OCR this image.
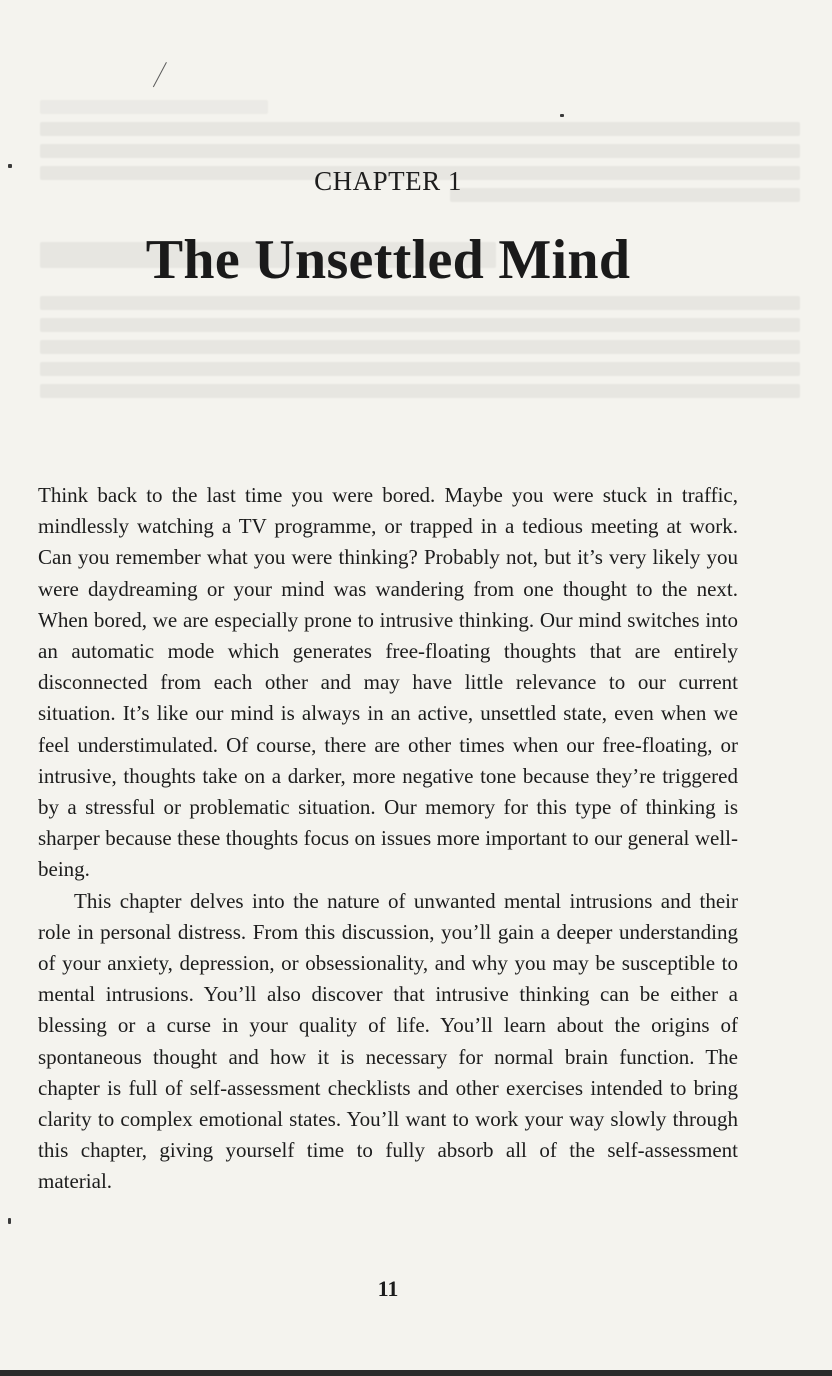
CHAPTER 1
The Unsettled Mind

Think back to the last time you were bored. Maybe you were stuck in traffic, mindlessly watching a TV programme, or trapped in a tedious meeting at work. Can you remember what you were thinking? Probably not, but it’s very likely you were daydreaming or your mind was wandering from one thought to the next. When bored, we are especially prone to intrusive thinking. Our mind switches into an automatic mode which generates free-floating thoughts that are entirely disconnected from each other and may have little relevance to our current situation. It’s like our mind is always in an active, unsettled state, even when we feel understimulated. Of course, there are other times when our free-floating, or intrusive, thoughts take on a darker, more negative tone because they’re triggered by a stressful or problematic situation. Our memory for this type of thinking is sharper because these thoughts focus on issues more important to our general well-being.

This chapter delves into the nature of unwanted mental intrusions and their role in personal distress. From this discussion, you’ll gain a deeper understanding of your anxiety, depression, or obsessionality, and why you may be susceptible to mental intrusions. You’ll also discover that intrusive thinking can be either a blessing or a curse in your quality of life. You’ll learn about the origins of spontaneous thought and how it is necessary for normal brain function. The chapter is full of self-assessment checklists and other exercises intended to bring clarity to complex emotional states. You’ll want to work your way slowly through this chapter, giving yourself time to fully absorb all of the self-assessment material.

11
